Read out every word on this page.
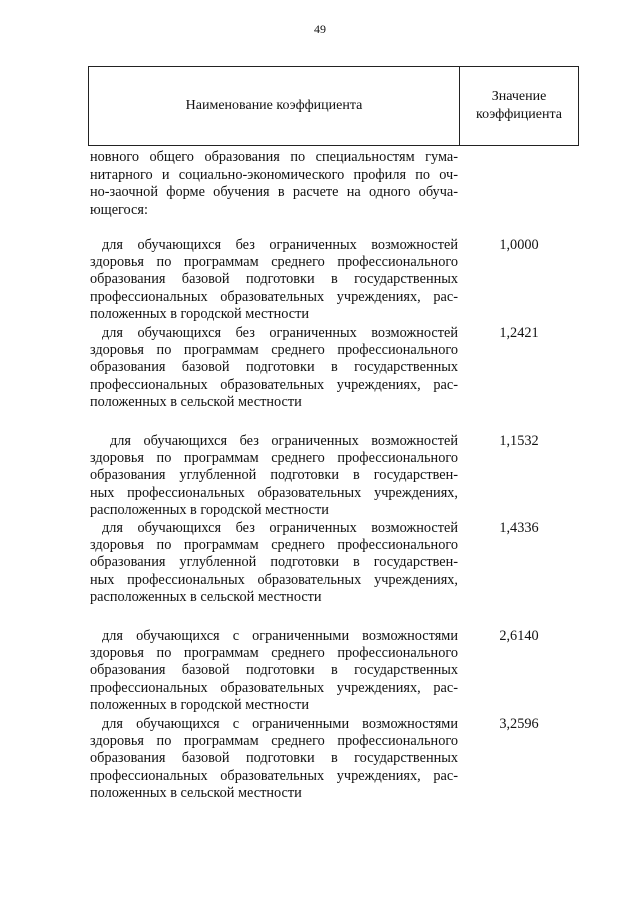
49
Наименование коэффициента
Значение
коэффициента
новного общего образования по специальностям гума-
нитарного и социально-экономического профиля по оч-
но-заочной форме обучения в расчете на одного обуча-
ющегося:
для обучающихся без ограниченных возможностей
здоровья по программам среднего профессионального
образования базовой подготовки в государственных
профессиональных образовательных учреждениях, рас-
положенных в городской местности
1,0000
для обучающихся без ограниченных возможностей
здоровья по программам среднего профессионального
образования базовой подготовки в государственных
профессиональных образовательных учреждениях, рас-
положенных в сельской местности
1,2421
для обучающихся без ограниченных возможностей
здоровья по программам среднего профессионального
образования углубленной подготовки в государствен-
ных профессиональных образовательных учреждениях,
расположенных в городской местности
1,1532
для обучающихся без ограниченных возможностей
здоровья по программам среднего профессионального
образования углубленной подготовки в государствен-
ных профессиональных образовательных учреждениях,
расположенных в сельской местности
1,4336
для обучающихся с ограниченными возможностями
здоровья по программам среднего профессионального
образования базовой подготовки в государственных
профессиональных образовательных учреждениях, рас-
положенных в городской местности
2,6140
для обучающихся с ограниченными возможностями
здоровья по программам среднего профессионального
образования базовой подготовки в государственных
профессиональных образовательных учреждениях, рас-
положенных в сельской местности
3,2596
